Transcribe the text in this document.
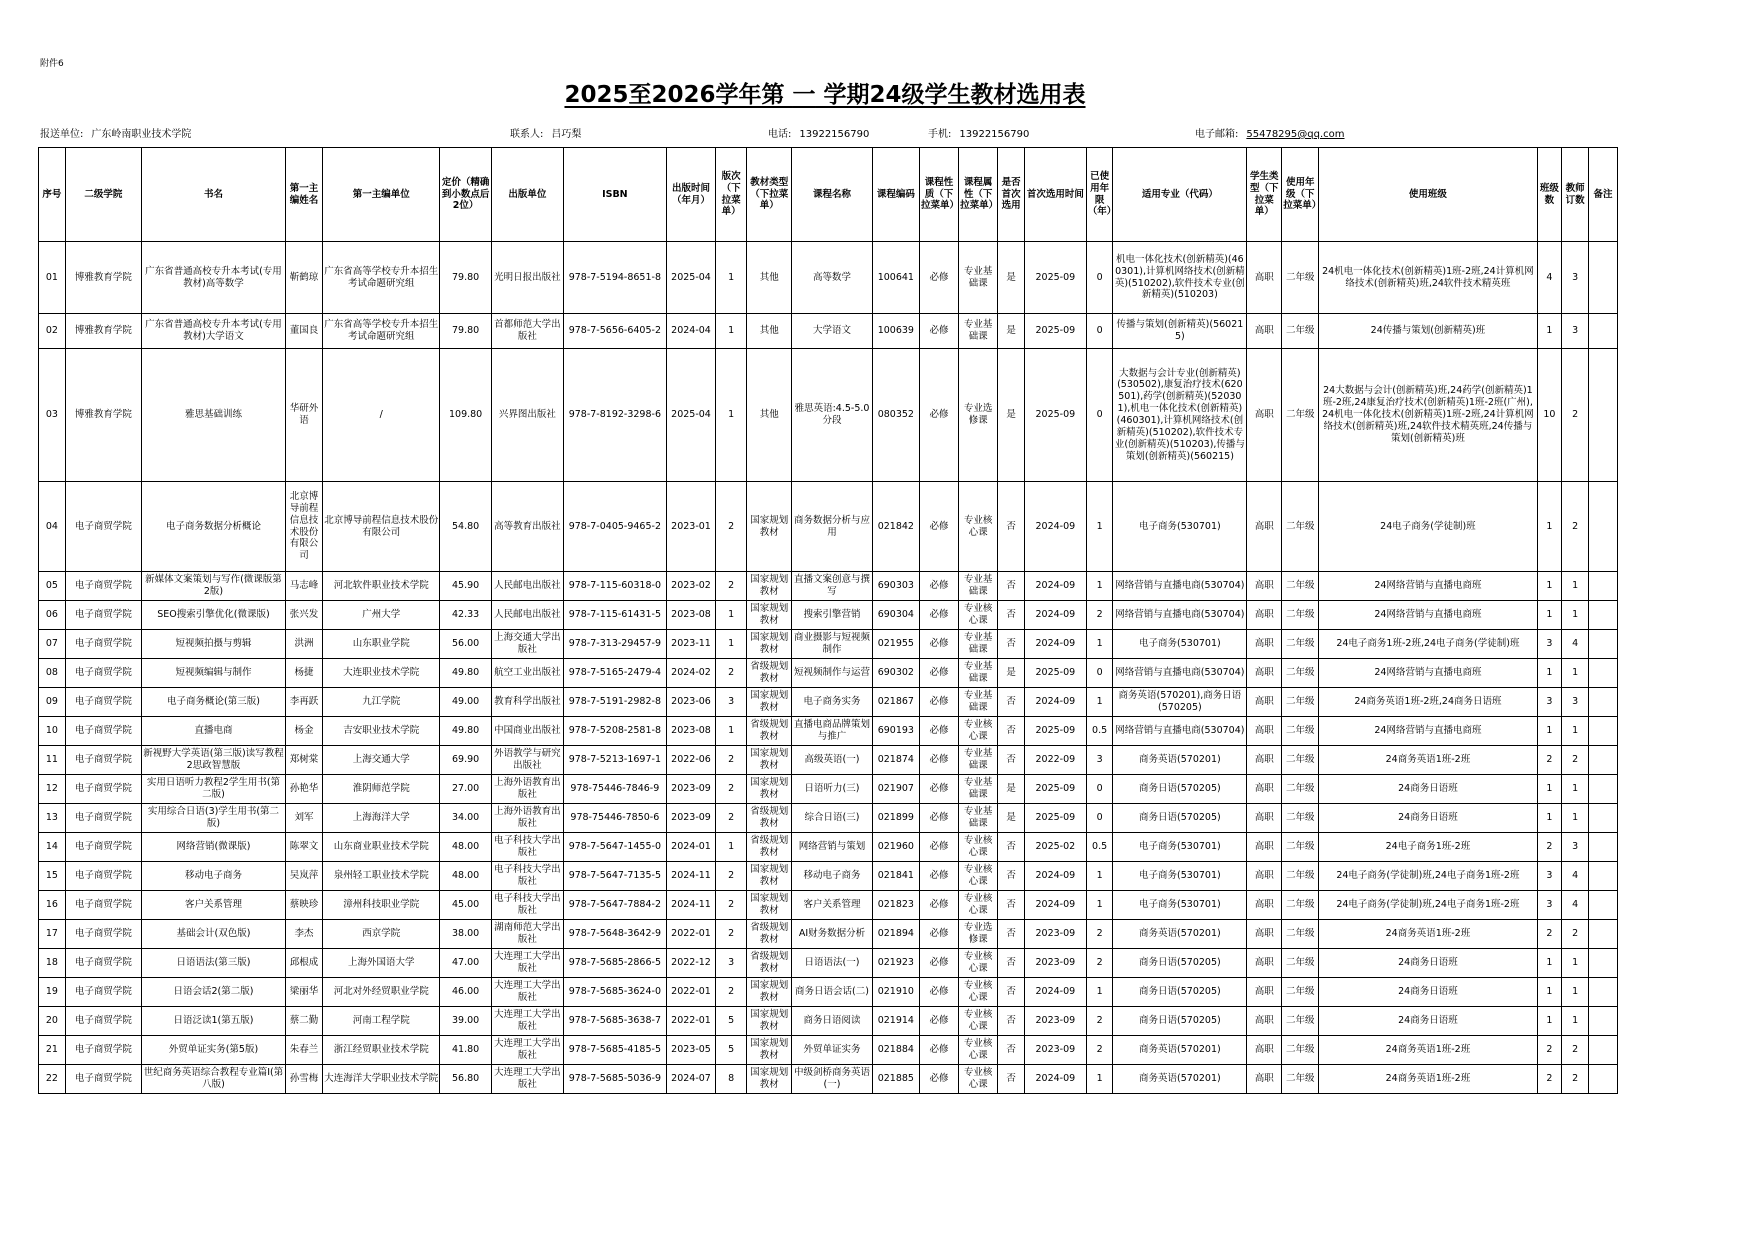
附件6
2025至2026学年第 一 学期24级学生教材选用表
报送单位: 广东岭南职业技术学院	联系人: 吕巧梨	电话: 13922156790	手机: 13922156790	电子邮箱: 55478295@qq.com
序号	二级学院	书名	第一主编姓名	第一主编单位	定价（精确到小数点后2位）	出版单位	ISBN	出版时间（年月）	版次（下拉菜单）	教材类型（下拉菜单）	课程名称	课程编码	课程性质（下拉菜单）	课程属性（下拉菜单）	是否首次选用	首次选用时间	已使用年限（年）	适用专业（代码）	学生类型（下拉菜单）	使用年级（下拉菜单）	使用班级	班级数	教师订数	备注
01	博雅教育学院	广东省普通高校专升本考试(专用教材)高等数学	靳鹤琼	广东省高等学校专升本招生考试命题研究组	79.80	光明日报出版社	978-7-5194-8651-8	2025-04	1	其他	高等数学	100641	必修	专业基础课	是	2025-09	0	机电一体化技术(创新精英)(460301),计算机网络技术(创新精英)(510202),软件技术专业(创新精英)(510203)	高职	二年级	24机电一体化技术(创新精英)1班-2班,24计算机网络技术(创新精英)班,24软件技术精英班	4	3	
02	博雅教育学院	广东省普通高校专升本考试(专用教材)大学语文	董国良	广东省高等学校专升本招生考试命题研究组	79.80	首都师范大学出版社	978-7-5656-6405-2	2024-04	1	其他	大学语文	100639	必修	专业基础课	是	2025-09	0	传播与策划(创新精英)(560215)	高职	二年级	24传播与策划(创新精英)班	1	3	
03	博雅教育学院	雅思基础训练	华研外语	/	109.80	兴界图出版社	978-7-8192-3298-6	2025-04	1	其他	雅思英语:4.5-5.0分段	080352	必修	专业选修课	是	2025-09	0	大数据与会计专业(创新精英)(530502),康复治疗技术(620501),药学(创新精英)(520301),机电一体化技术(创新精英)(460301),计算机网络技术(创新精英)(510202),软件技术专业(创新精英)(510203),传播与策划(创新精英)(560215)	高职	二年级	24大数据与会计(创新精英)班,24药学(创新精英)1班-2班,24康复治疗技术(创新精英)1班-2班(广州),24机电一体化技术(创新精英)1班-2班,24计算机网络技术(创新精英)班,24软件技术精英班,24传播与策划(创新精英)班	10	2	
04	电子商贸学院	电子商务数据分析概论	北京博导前程信息技术股份有限公司	北京博导前程信息技术股份有限公司	54.80	高等教育出版社	978-7-0405-9465-2	2023-01	2	国家规划教材	商务数据分析与应用	021842	必修	专业核心课	否	2024-09	1	电子商务(530701)	高职	二年级	24电子商务(学徒制)班	1	2	
05	电子商贸学院	新媒体文案策划与写作(微课版第2版)	马志峰	河北软件职业技术学院	45.90	人民邮电出版社	978-7-115-60318-0	2023-02	2	国家规划教材	直播文案创意与撰写	690303	必修	专业基础课	否	2024-09	1	网络营销与直播电商(530704)	高职	二年级	24网络营销与直播电商班	1	1	
06	电子商贸学院	SEO搜索引擎优化(微课版)	张兴发	广州大学	42.33	人民邮电出版社	978-7-115-61431-5	2023-08	1	国家规划教材	搜索引擎营销	690304	必修	专业核心课	否	2024-09	2	网络营销与直播电商(530704)	高职	二年级	24网络营销与直播电商班	1	1	
07	电子商贸学院	短视频拍摄与剪辑	洪洲	山东职业学院	56.00	上海交通大学出版社	978-7-313-29457-9	2023-11	1	国家规划教材	商业摄影与短视频制作	021955	必修	专业基础课	否	2024-09	1	电子商务(530701)	高职	二年级	24电子商务1班-2班,24电子商务(学徒制)班	3	4	
08	电子商贸学院	短视频编辑与制作	杨捷	大连职业技术学院	49.80	航空工业出版社	978-7-5165-2479-4	2024-02	2	省级规划教材	短视频制作与运营	690302	必修	专业基础课	是	2025-09	0	网络营销与直播电商(530704)	高职	二年级	24网络营销与直播电商班	1	1	
09	电子商贸学院	电子商务概论(第三版)	李再跃	九江学院	49.00	教育科学出版社	978-7-5191-2982-8	2023-06	3	国家规划教材	电子商务实务	021867	必修	专业基础课	否	2024-09	1	商务英语(570201),商务日语(570205)	高职	二年级	24商务英语1班-2班,24商务日语班	3	3	
10	电子商贸学院	直播电商	杨金	吉安职业技术学院	49.80	中国商业出版社	978-7-5208-2581-8	2023-08	1	省级规划教材	直播电商品牌策划与推广	690193	必修	专业核心课	否	2025-09	0.5	网络营销与直播电商(530704)	高职	二年级	24网络营销与直播电商班	1	1	
11	电子商贸学院	新视野大学英语(第三版)读写教程2思政智慧版	郑树棠	上海交通大学	69.90	外语教学与研究出版社	978-7-5213-1697-1	2022-06	2	国家规划教材	高级英语(一)	021874	必修	专业基础课	否	2022-09	3	商务英语(570201)	高职	二年级	24商务英语1班-2班	2	2	
12	电子商贸学院	实用日语听力教程2学生用书(第二版)	孙艳华	淮阴师范学院	27.00	上海外语教育出版社	978-75446-7846-9	2023-09	2	国家规划教材	日语听力(三)	021907	必修	专业基础课	是	2025-09	0	商务日语(570205)	高职	二年级	24商务日语班	1	1	
13	电子商贸学院	实用综合日语(3)学生用书(第二版)	刘军	上海海洋大学	34.00	上海外语教育出版社	978-75446-7850-6	2023-09	2	省级规划教材	综合日语(三)	021899	必修	专业基础课	是	2025-09	0	商务日语(570205)	高职	二年级	24商务日语班	1	1	
14	电子商贸学院	网络营销(微课版)	陈翠文	山东商业职业技术学院	48.00	电子科技大学出版社	978-7-5647-1455-0	2024-01	1	省级规划教材	网络营销与策划	021960	必修	专业核心课	否	2025-02	0.5	电子商务(530701)	高职	二年级	24电子商务1班-2班	2	3	
15	电子商贸学院	移动电子商务	吴岚萍	泉州轻工职业技术学院	48.00	电子科技大学出版社	978-7-5647-7135-5	2024-11	2	国家规划教材	移动电子商务	021841	必修	专业核心课	否	2024-09	1	电子商务(530701)	高职	二年级	24电子商务(学徒制)班,24电子商务1班-2班	3	4	
16	电子商贸学院	客户关系管理	蔡映珍	漳州科技职业学院	45.00	电子科技大学出版社	978-7-5647-7884-2	2024-11	2	国家规划教材	客户关系管理	021823	必修	专业核心课	否	2024-09	1	电子商务(530701)	高职	二年级	24电子商务(学徒制)班,24电子商务1班-2班	3	4	
17	电子商贸学院	基础会计(双色版)	李杰	西京学院	38.00	湖南师范大学出版社	978-7-5648-3642-9	2022-01	2	省级规划教材	AI财务数据分析	021894	必修	专业选修课	否	2023-09	2	商务英语(570201)	高职	二年级	24商务英语1班-2班	2	2	
18	电子商贸学院	日语语法(第三版)	邱根成	上海外国语大学	47.00	大连理工大学出版社	978-7-5685-2866-5	2022-12	3	省级规划教材	日语语法(一)	021923	必修	专业核心课	否	2023-09	2	商务日语(570205)	高职	二年级	24商务日语班	1	1	
19	电子商贸学院	日语会话2(第二版)	梁丽华	河北对外经贸职业学院	46.00	大连理工大学出版社	978-7-5685-3624-0	2022-01	2	国家规划教材	商务日语会话(二)	021910	必修	专业核心课	否	2024-09	1	商务日语(570205)	高职	二年级	24商务日语班	1	1	
20	电子商贸学院	日语泛读1(第五版)	蔡二勤	河南工程学院	39.00	大连理工大学出版社	978-7-5685-3638-7	2022-01	5	国家规划教材	商务日语阅读	021914	必修	专业核心课	否	2023-09	2	商务日语(570205)	高职	二年级	24商务日语班	1	1	
21	电子商贸学院	外贸单证实务(第5版)	朱春兰	浙江经贸职业技术学院	41.80	大连理工大学出版社	978-7-5685-4185-5	2023-05	5	国家规划教材	外贸单证实务	021884	必修	专业核心课	否	2023-09	2	商务英语(570201)	高职	二年级	24商务英语1班-2班	2	2	
22	电子商贸学院	世纪商务英语综合教程专业篇I(第八版)	孙雪梅	大连海洋大学职业技术学院	56.80	大连理工大学出版社	978-7-5685-5036-9	2024-07	8	国家规划教材	中级剑桥商务英语(一)	021885	必修	专业核心课	否	2024-09	1	商务英语(570201)	高职	二年级	24商务英语1班-2班	2	2	
